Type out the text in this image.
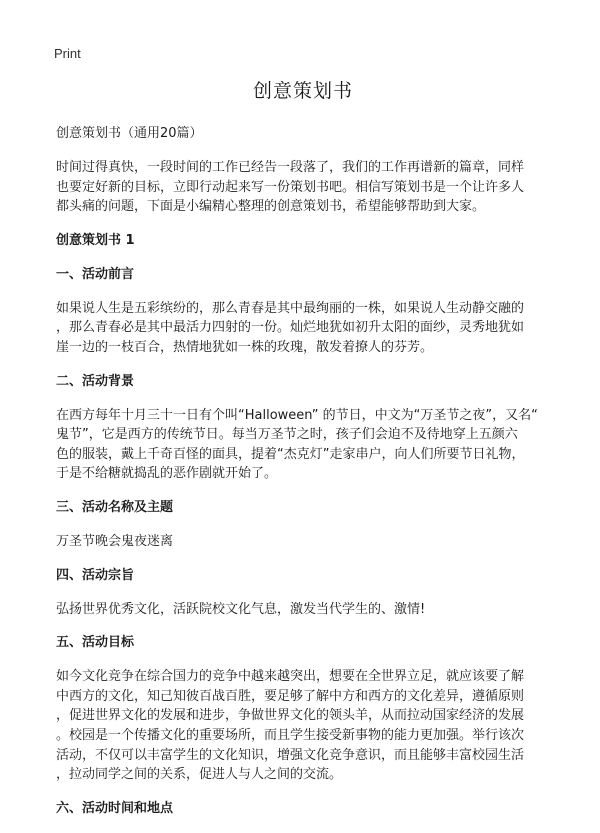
Print
创意策划书

创意策划书（通用20篇）

时间过得真快，一段时间的工作已经告一段落了，我们的工作再谱新的篇章，同样
也要定好新的目标，立即行动起来写一份策划书吧。相信写策划书是一个让许多人
都头痛的问题，下面是小编精心整理的创意策划书，希望能够帮助到大家。

创意策划书 1

一、活动前言

如果说人生是五彩缤纷的，那么青春是其中最绚丽的一株，如果说人生动静交融的
，那么青春必是其中最活力四射的一份。灿烂地犹如初升太阳的面纱，灵秀地犹如
崖一边的一枝百合，热情地犹如一株的玫瑰，散发着撩人的芬芳。

二、活动背景

在西方每年十月三十一日有个叫“Halloween” 的节日，中文为“万圣节之夜”，又名“
鬼节”，它是西方的传统节日。每当万圣节之时，孩子们会迫不及待地穿上五颜六
色的服装，戴上千奇百怪的面具，提着“杰克灯”走家串户，向人们所要节日礼物，
于是不给糖就捣乱的恶作剧就开始了。

三、活动名称及主题

万圣节晚会鬼夜迷离

四、活动宗旨

弘扬世界优秀文化，活跃院校文化气息，激发当代学生的、激情!

五、活动目标

如今文化竞争在综合国力的竞争中越来越突出，想要在全世界立足，就应该要了解
中西方的文化，知己知彼百战百胜，要足够了解中方和西方的文化差异，遵循原则
，促进世界文化的发展和进步，争做世界文化的领头羊，从而拉动国家经济的发展
。校园是一个传播文化的重要场所，而且学生接受新事物的能力更加强。举行该次
活动，不仅可以丰富学生的文化知识，增强文化竞争意识，而且能够丰富校园生活
，拉动同学之间的关系，促进人与人之间的交流。

六、活动时间和地点
